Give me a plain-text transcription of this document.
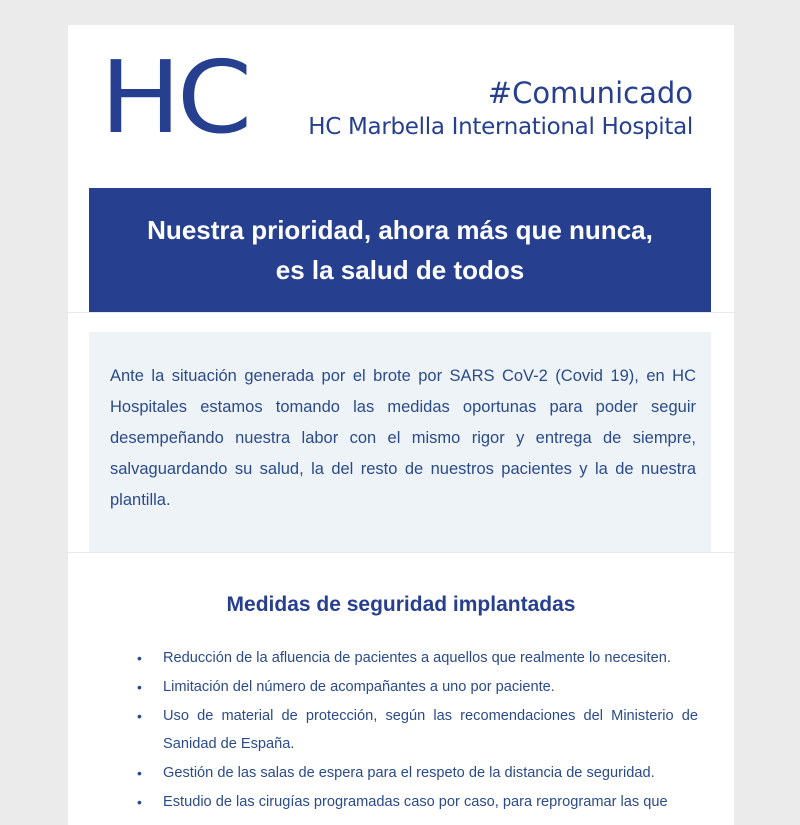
HC	#Comunicado
HC Marbella International Hospital
Nuestra prioridad, ahora más que nunca,
es la salud de todos
Ante la situación generada por el brote por SARS CoV-2 (Covid 19), en HC Hospitales estamos tomando las medidas oportunas para poder seguir desempeñando nuestra labor con el mismo rigor y entrega de siempre, salvaguardando su salud, la del resto de nuestros pacientes y la de nuestra plantilla.
Medidas de seguridad implantadas
• Reducción de la afluencia de pacientes a aquellos que realmente lo necesiten.
• Limitación del número de acompañantes a uno por paciente.
• Uso de material de protección, según las recomendaciones del Ministerio de Sanidad de España.
• Gestión de las salas de espera para el respeto de la distancia de seguridad.
• Estudio de las cirugías programadas caso por caso, para reprogramar las que
